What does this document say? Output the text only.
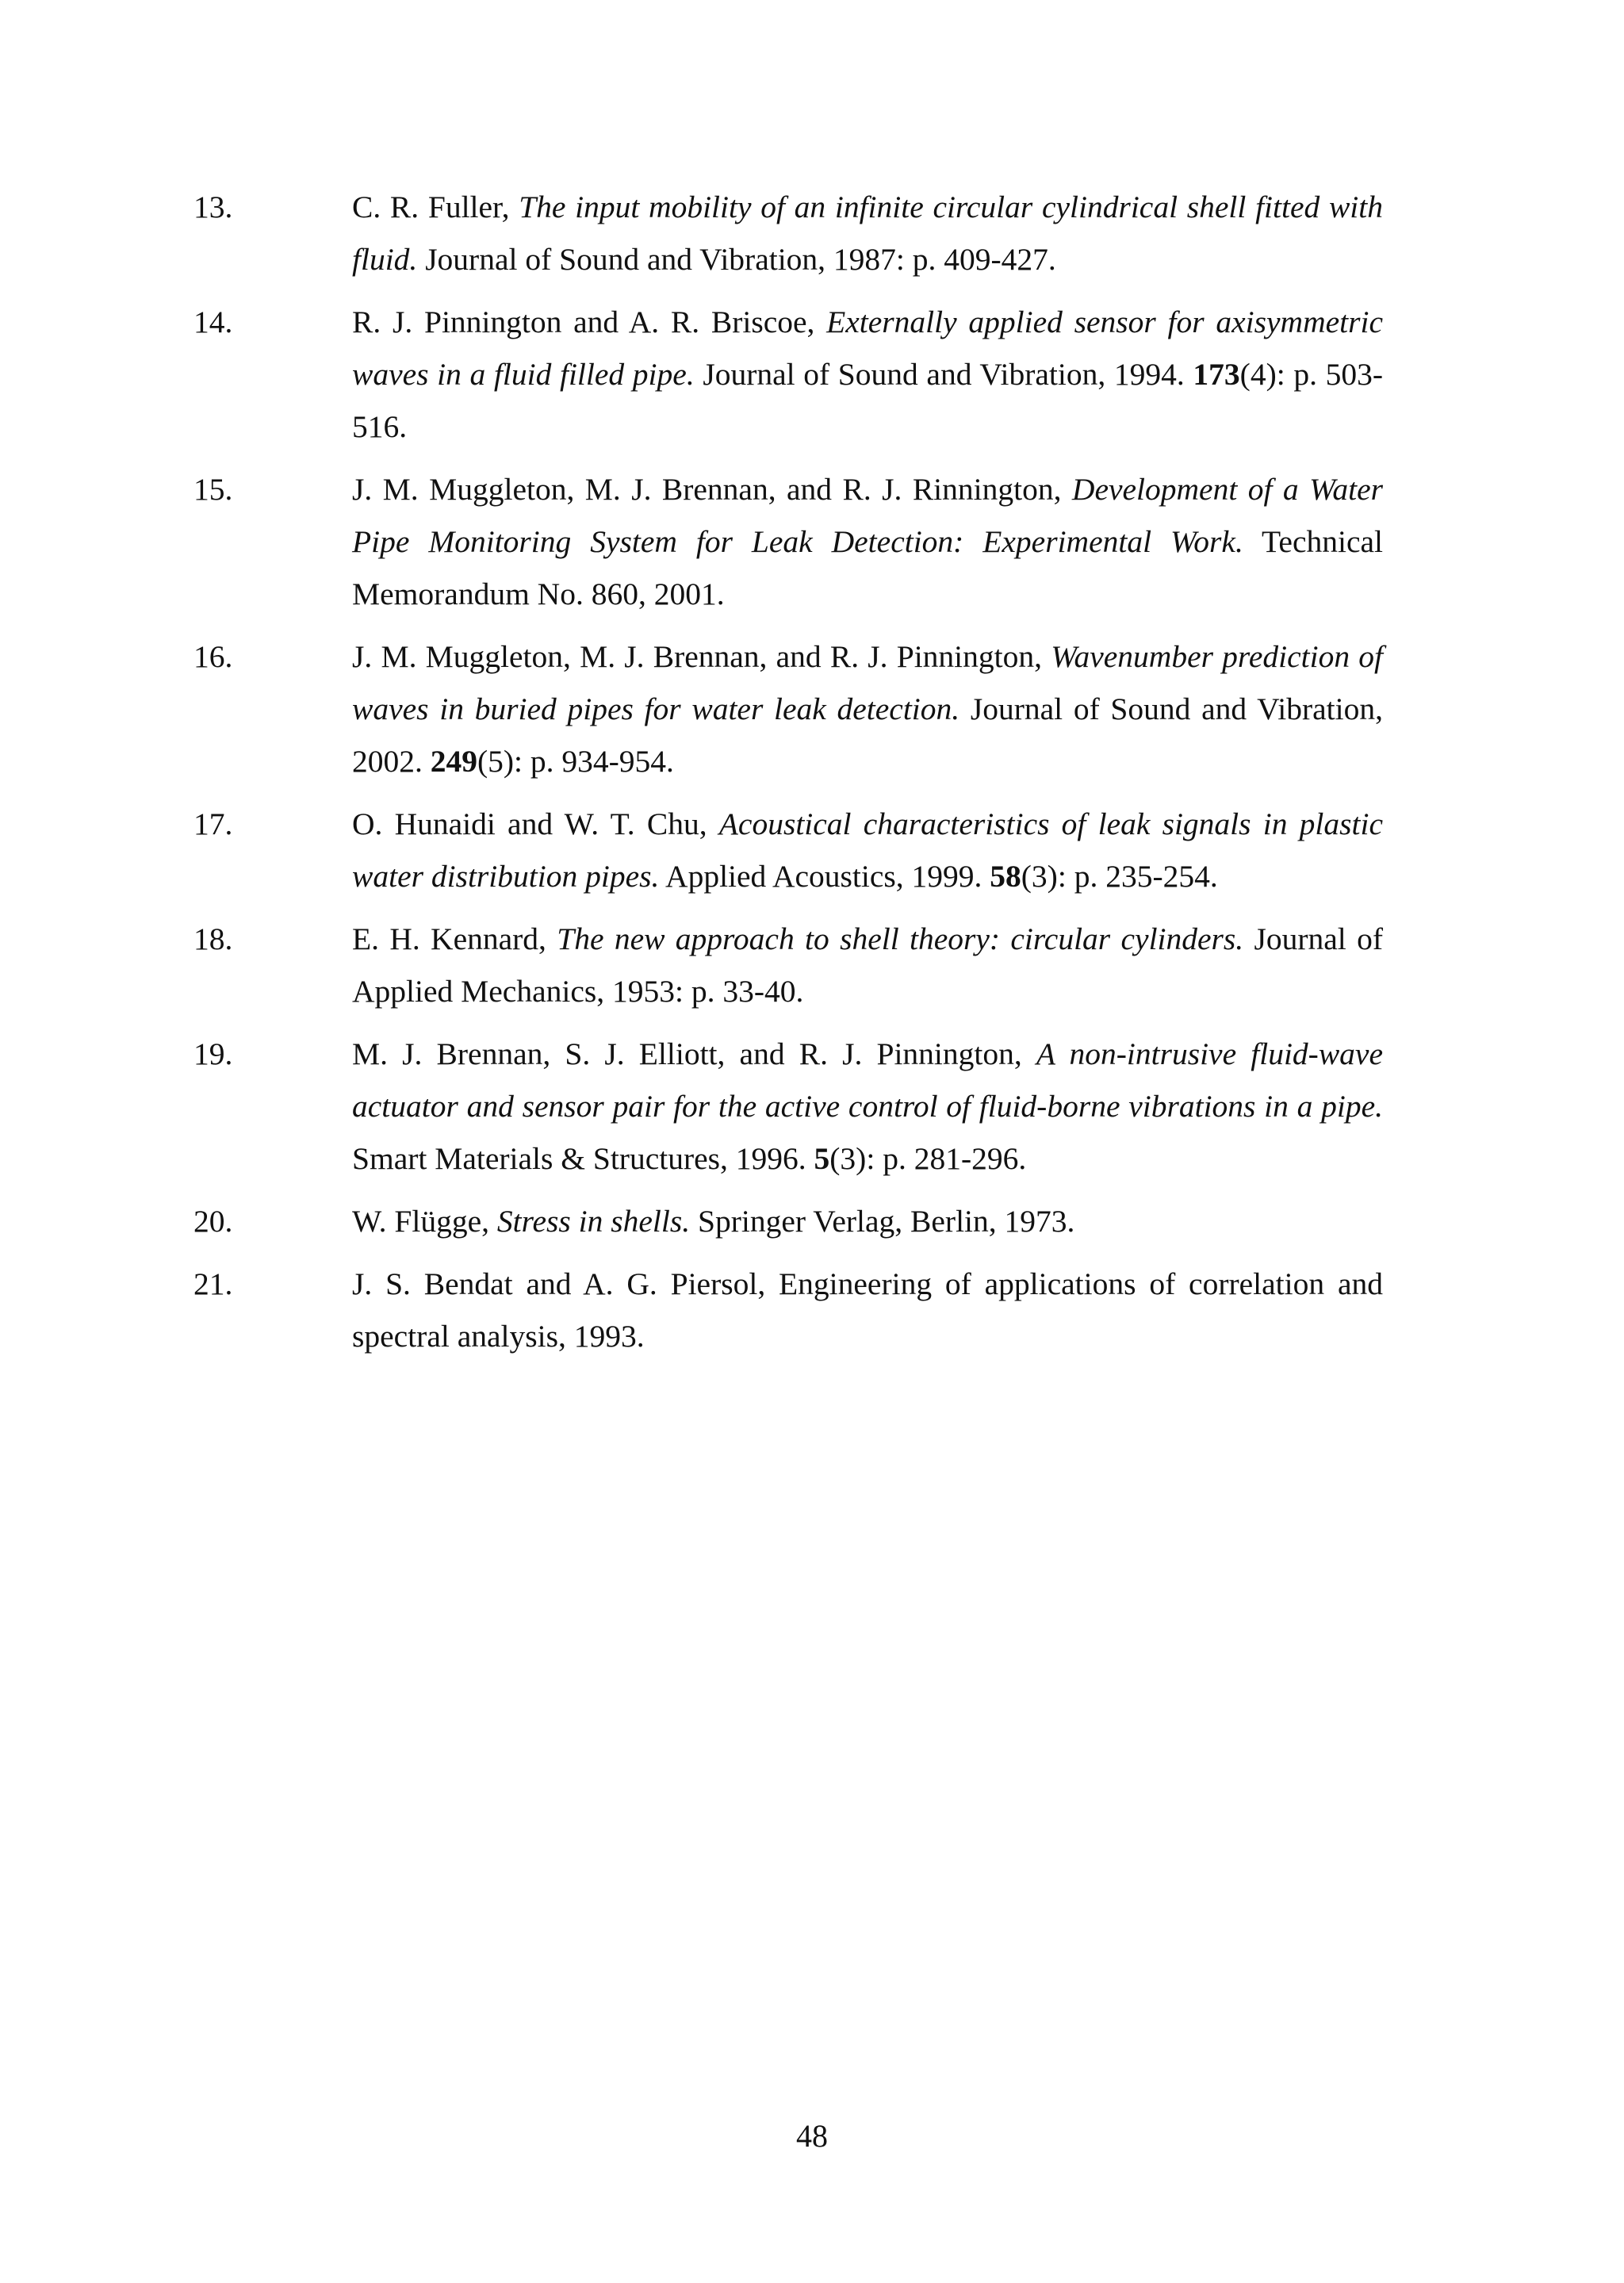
13.	C. R. Fuller, The input mobility of an infinite circular cylindrical shell fitted with fluid. Journal of Sound and Vibration, 1987: p. 409-427.
14.	R. J. Pinnington and A. R. Briscoe, Externally applied sensor for axisymmetric waves in a fluid filled pipe. Journal of Sound and Vibration, 1994. 173(4): p. 503-516.
15.	J. M. Muggleton, M. J. Brennan, and R. J. Rinnington, Development of a Water Pipe Monitoring System for Leak Detection: Experimental Work. Technical Memorandum No. 860, 2001.
16.	J. M. Muggleton, M. J. Brennan, and R. J. Pinnington, Wavenumber prediction of waves in buried pipes for water leak detection. Journal of Sound and Vibration, 2002. 249(5): p. 934-954.
17.	O. Hunaidi and W. T. Chu, Acoustical characteristics of leak signals in plastic water distribution pipes. Applied Acoustics, 1999. 58(3): p. 235-254.
18.	E. H. Kennard, The new approach to shell theory: circular cylinders. Journal of Applied Mechanics, 1953: p. 33-40.
19.	M. J. Brennan, S. J. Elliott, and R. J. Pinnington, A non-intrusive fluid-wave actuator and sensor pair for the active control of fluid-borne vibrations in a pipe. Smart Materials & Structures, 1996. 5(3): p. 281-296.
20.	W. Flügge, Stress in shells. Springer Verlag, Berlin, 1973.
21.	J. S. Bendat and A. G. Piersol, Engineering of applications of correlation and spectral analysis, 1993.
48
